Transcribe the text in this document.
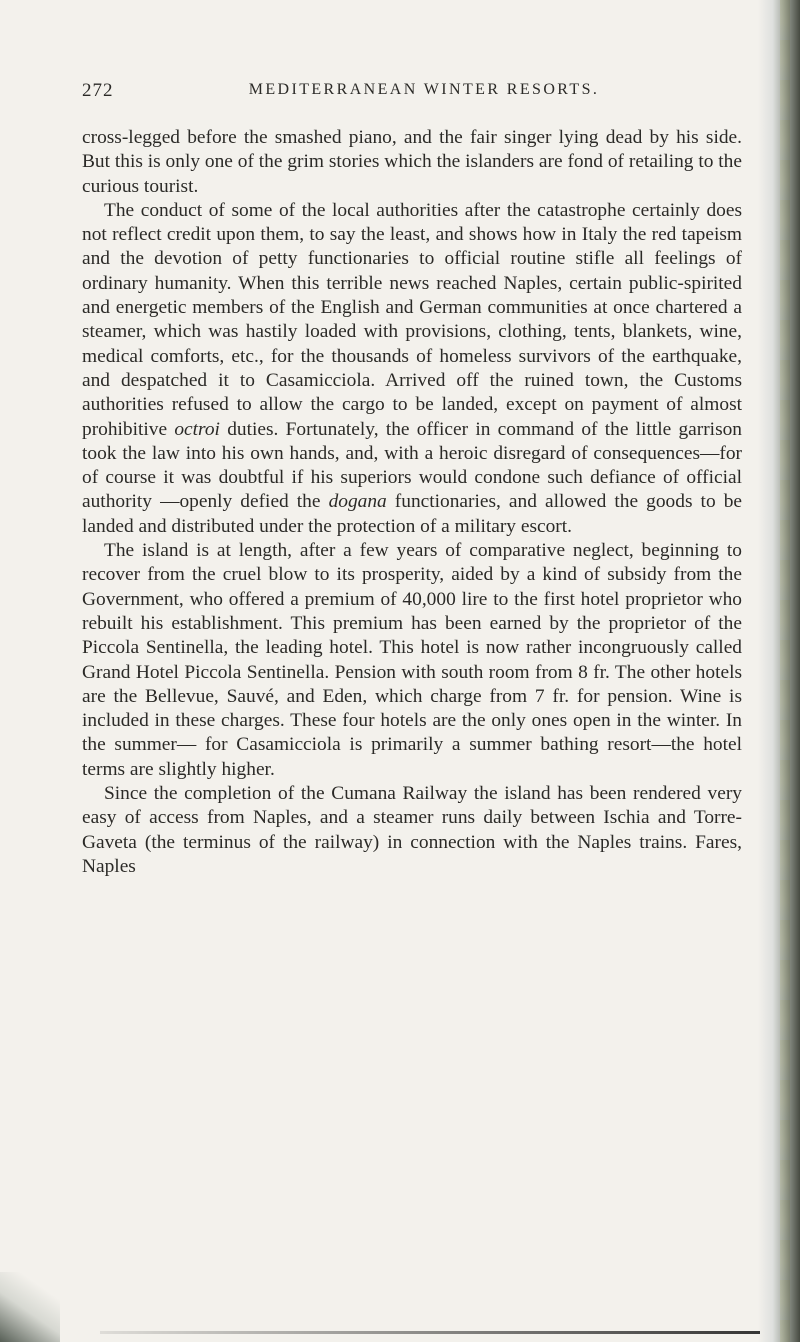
272	MEDITERRANEAN WINTER RESORTS.

cross-legged before the smashed piano, and the fair singer lying dead by his side. But this is only one of the grim stories which the islanders are fond of retailing to the curious tourist.

The conduct of some of the local authorities after the catastrophe certainly does not reflect credit upon them, to say the least, and shows how in Italy the red tapeism and the devotion of petty functionaries to official routine stifle all feelings of ordinary humanity. When this terrible news reached Naples, certain public-spirited and energetic members of the English and German communities at once chartered a steamer, which was hastily loaded with provisions, clothing, tents, blankets, wine, medical comforts, etc., for the thousands of homeless survivors of the earthquake, and despatched it to Casamicciola. Arrived off the ruined town, the Customs authorities refused to allow the cargo to be landed, except on payment of almost prohibitive octroi duties. Fortunately, the officer in command of the little garrison took the law into his own hands, and, with a heroic disregard of consequences—for of course it was doubtful if his superiors would condone such defiance of official authority —openly defied the dogana functionaries, and allowed the goods to be landed and distributed under the protection of a military escort.

The island is at length, after a few years of comparative neglect, beginning to recover from the cruel blow to its prosperity, aided by a kind of subsidy from the Government, who offered a premium of 40,000 lire to the first hotel proprietor who rebuilt his establishment. This premium has been earned by the proprietor of the Piccola Sentinella, the leading hotel. This hotel is now rather incongruously called Grand Hotel Piccola Sentinella. Pension with south room from 8 fr. The other hotels are the Bellevue, Sauvé, and Eden, which charge from 7 fr. for pension. Wine is included in these charges. These four hotels are the only ones open in the winter. In the summer— for Casamicciola is primarily a summer bathing resort—the hotel terms are slightly higher.

Since the completion of the Cumana Railway the island has been rendered very easy of access from Naples, and a steamer runs daily between Ischia and Torre-Gaveta (the terminus of the railway) in connection with the Naples trains. Fares, Naples
